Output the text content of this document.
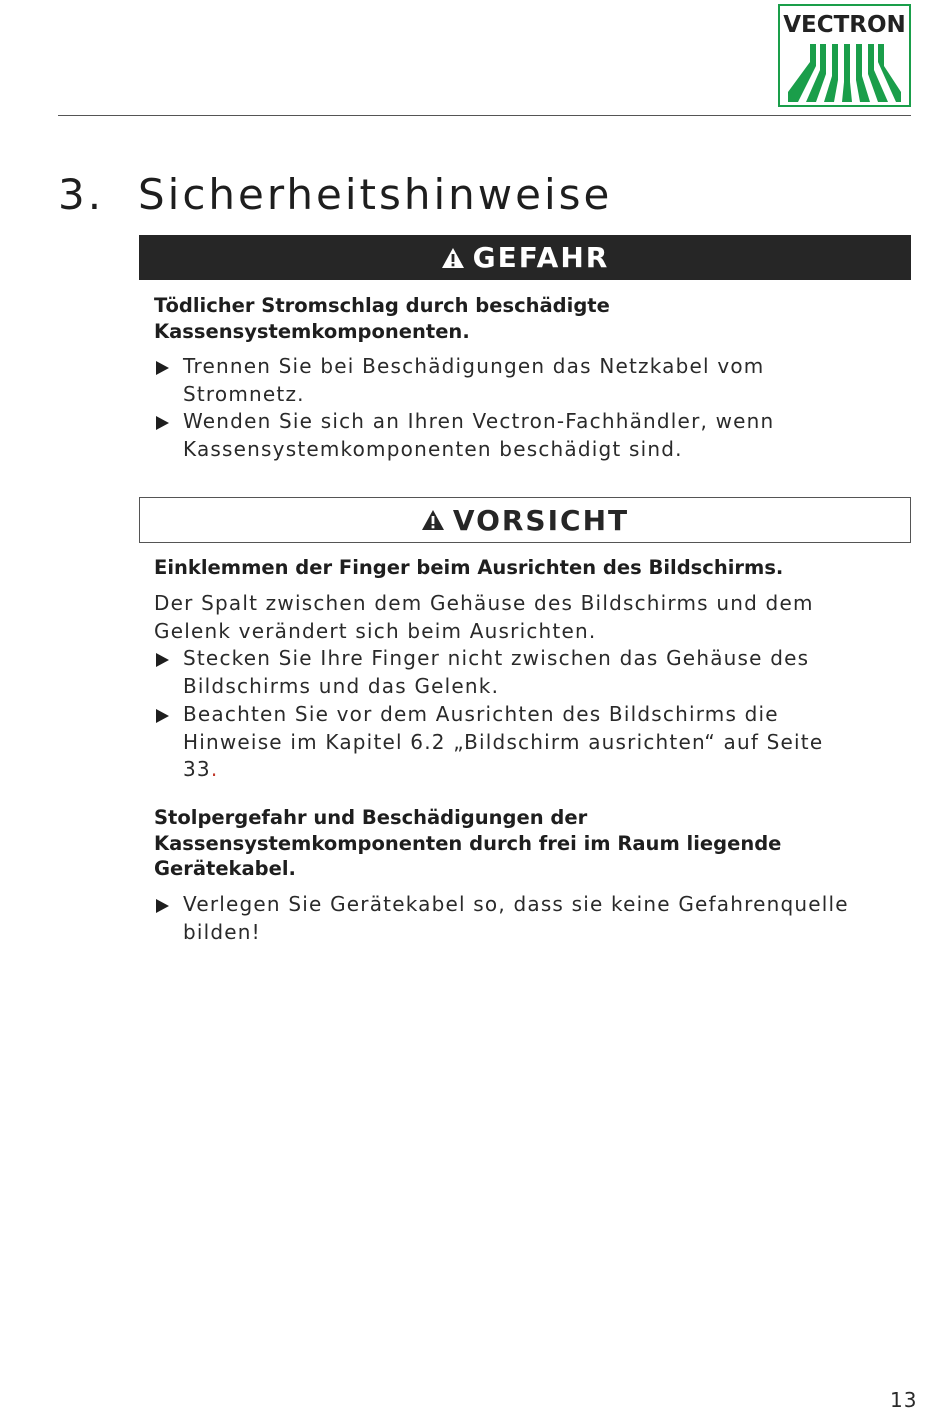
VECTRON
3. Sicherheitshinweise
GEFAHR
Tödlicher Stromschlag durch beschädigte
Kassensystemkomponenten.
Trennen Sie bei Beschädigungen das Netzkabel vom
Stromnetz.
Wenden Sie sich an Ihren Vectron-Fachhändler, wenn
Kassensystemkomponenten beschädigt sind.
VORSICHT
Einklemmen der Finger beim Ausrichten des Bildschirms.
Der Spalt zwischen dem Gehäuse des Bildschirms und dem
Gelenk verändert sich beim Ausrichten.
Stecken Sie Ihre Finger nicht zwischen das Gehäuse des
Bildschirms und das Gelenk.
Beachten Sie vor dem Ausrichten des Bildschirms die
Hinweise im Kapitel 6.2 „Bildschirm ausrichten“ auf Seite
33.
Stolpergefahr und Beschädigungen der
Kassensystemkomponenten durch frei im Raum liegende
Gerätekabel.
Verlegen Sie Gerätekabel so, dass sie keine Gefahrenquelle
bilden!
13
